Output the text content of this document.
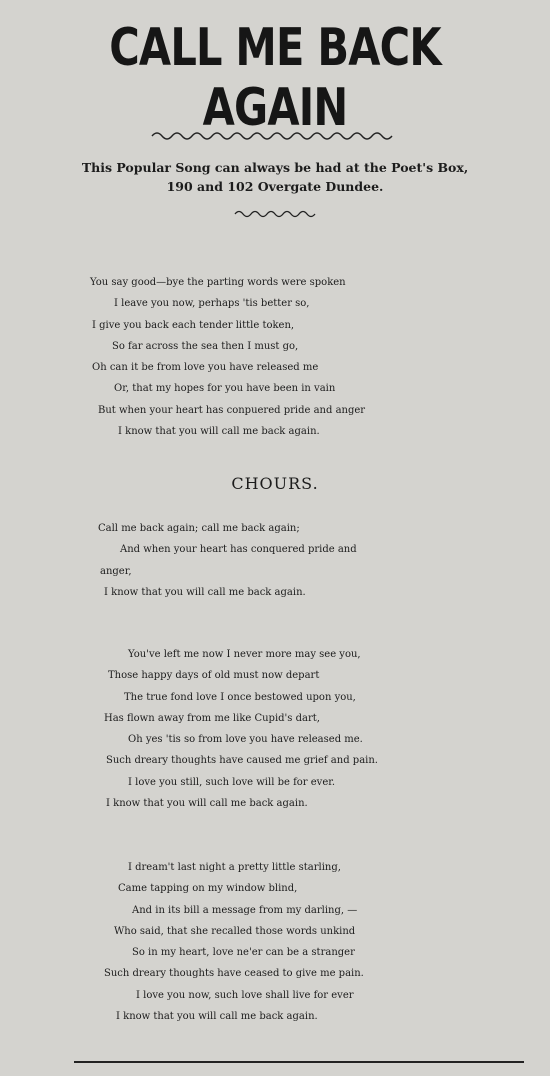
CALL ME BACK AGAIN
This Popular Song can always be had at the Poet's Box,
190 and 102 Overgate Dundee.
You say good—bye the parting words were spoken
I leave you now, perhaps 'tis better so,
I give you back each tender little token,
So far across the sea then I must go,
Oh can it be from love you have released me
Or, that my hopes for you have been in vain
But when your heart has conpuered pride and anger
I know that you will call me back again.
CHOURS.
Call me back again; call me back again;
And when your heart has conquered pride and
anger,
I know that you will call me back again.
You've left me now I never more may see you,
Those happy days of old must now depart
The true fond love I once bestowed upon you,
Has flown away from me like Cupid's dart,
Oh yes 'tis so from love you have released me.
Such dreary thoughts have caused me grief and pain.
I love you still, such love will be for ever.
I know that you will call me back again.
I dream't last night a pretty little starling,
Came tapping on my window blind,
And in its bill a message from my darling, —
Who said, that she recalled those words unkind
So in my heart, love ne'er can be a stranger
Such dreary thoughts have ceased to give me pain.
I love you now, such love shall live for ever
I know that you will call me back again.
